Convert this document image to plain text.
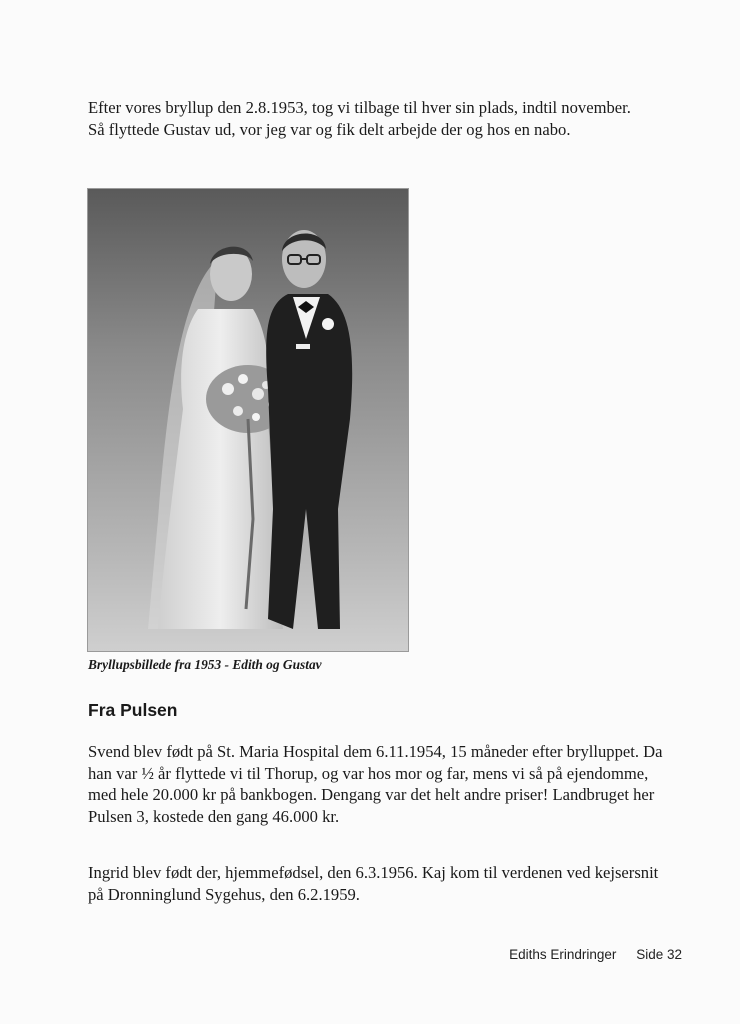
Efter vores bryllup den 2.8.1953, tog vi tilbage til hver sin plads, indtil november. Så flyttede Gustav ud, vor jeg var og fik delt arbejde der og hos en nabo.

Bryllupsbillede fra 1953 - Edith og Gustav

Fra Pulsen

Svend blev født på St. Maria Hospital dem 6.11.1954, 15 måneder efter brylluppet. Da han var ½ år flyttede vi til Thorup, og var hos mor og far, mens vi så på ejendomme, med hele 20.000 kr på bankbogen. Dengang var det helt andre priser! Landbruget her Pulsen 3, kostede den gang 46.000 kr.

Ingrid blev født der, hjemmefødsel, den 6.3.1956. Kaj kom til verdenen ved kejsersnit på Dronninglund Sygehus, den 6.2.1959.

Ediths Erindringer Side 32
